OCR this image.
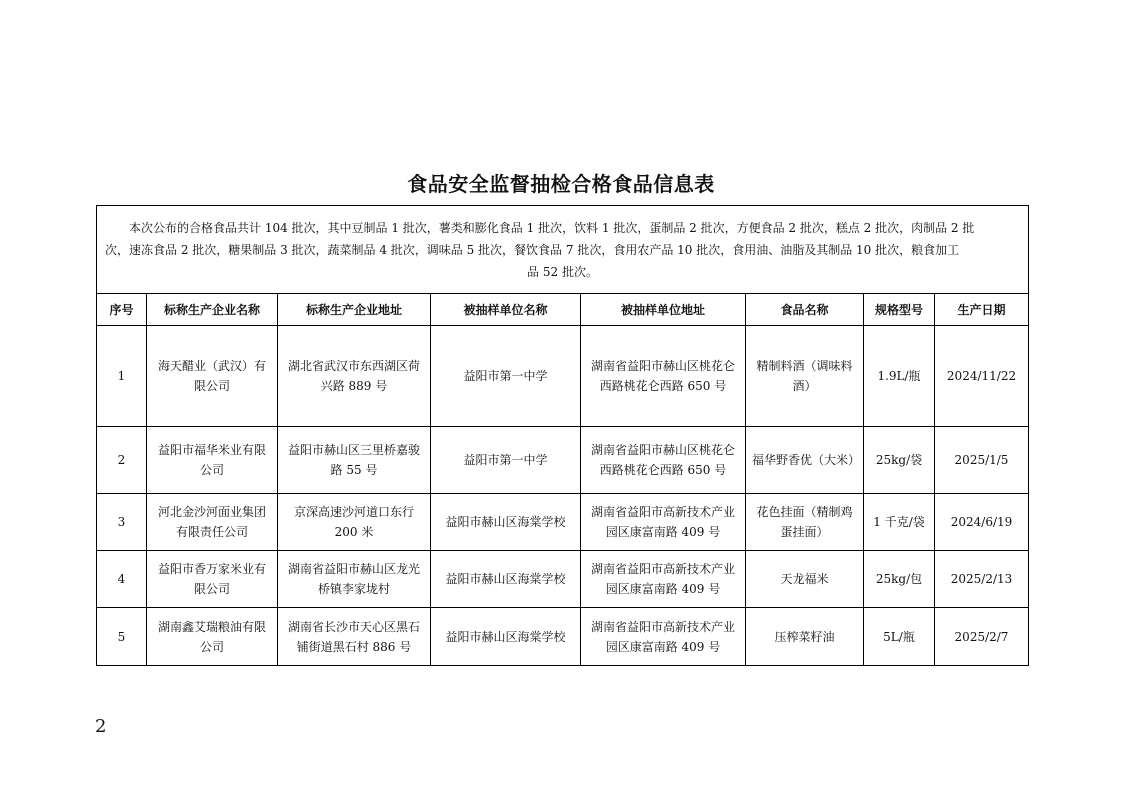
食品安全监督抽检合格食品信息表
本次公布的合格食品共计 104 批次，其中豆制品 1 批次，薯类和膨化食品 1 批次，饮料 1 批次，蛋制品 2 批次，方便食品 2 批次，糕点 2 批次，肉制品 2 批
次，速冻食品 2 批次，糖果制品 3 批次，蔬菜制品 4 批次，调味品 5 批次，餐饮食品 7 批次，食用农产品 10 批次，食用油、油脂及其制品 10 批次，粮食加工
品 52 批次。							

序号	标称生产企业名称	标称生产企业地址	被抽样单位名称	被抽样单位地址	食品名称	规格型号	生产日期
1	海天醋业（武汉）有限公司	湖北省武汉市东西湖区荷兴路 889 号	益阳市第一中学	湖南省益阳市赫山区桃花仑西路桃花仑西路 650 号	精制料酒（调味料酒）	1.9L/瓶	2024/11/22
2	益阳市福华米业有限公司	益阳市赫山区三里桥嘉骏路 55 号	益阳市第一中学	湖南省益阳市赫山区桃花仑西路桃花仑西路 650 号	福华野香优（大米）	25kg/袋	2025/1/5
3	河北金沙河面业集团有限责任公司	京深高速沙河道口东行 200 米	益阳市赫山区海棠学校	湖南省益阳市高新技术产业园区康富南路 409 号	花色挂面（精制鸡蛋挂面）	1 千克/袋	2024/6/19
4	益阳市香万家米业有限公司	湖南省益阳市赫山区龙光桥镇李家垅村	益阳市赫山区海棠学校	湖南省益阳市高新技术产业园区康富南路 409 号	天龙福米	25kg/包	2025/2/13
5	湖南鑫艾瑞粮油有限公司	湖南省长沙市天心区黑石铺街道黑石村 886 号	益阳市赫山区海棠学校	湖南省益阳市高新技术产业园区康富南路 409 号	压榨菜籽油	5L/瓶	2025/2/7
2
